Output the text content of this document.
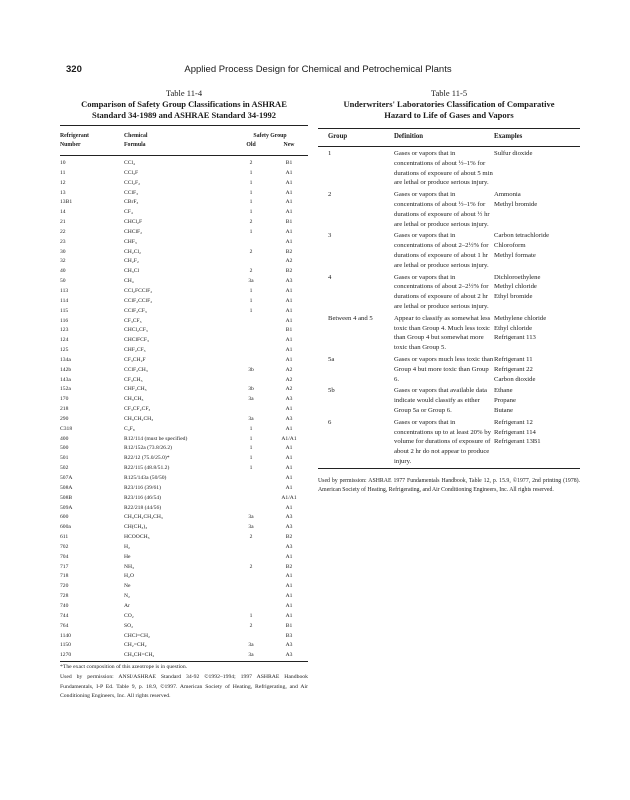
320	Applied Process Design for Chemical and Petrochemical Plants
Table 11-4
Comparison of Safety Group Classifications in ASHRAE
Standard 34-1989 and ASHRAE Standard 34-1992
Refrigerant	Chemical	Safety Group	
Number	Formula	Old	New
10	CCl₄	2	B1
11	CCl₃F	1	A1
12	CCl₂F₂	1	A1
13	CClF₃	1	A1
13B1	CBrF₃	1	A1
14	CF₄	1	A1
21	CHCl₂F	2	B1
22	CHClF₂	1	A1
23	CHF₃		A1
30	CH₂Cl₂	2	B2
32	CH₂F₂		A2
40	CH₃Cl	2	B2
50	CH₄	3a	A3
113	CCl₂FCClF₂	1	A1
114	CClF₂CClF₂	1	A1
115	CClF₂CF₃	1	A1
116	CF₃CF₃		A1
123	CHCl₂CF₃		B1
124	CHClFCF₃		A1
125	CHF₂CF₃		A1
134a	CF₃CH₂F		A1
142b	CClF₂CH₃	3b	A2
143a	CF₃CH₃		A2
152a	CHF₂CH₃	3b	A2
170	CH₃CH₃	3a	A3
218	CF₃CF₂CF₃		A1
290	CH₃CH₂CH₃	3a	A3
C318	C₄F₈	1	A1
400	R12/114 (must be specified)	1	A1/A1
500	R12/152a (73.8/26.2)	1	A1
501	R22/12 (75.0/25.0)*	1	A1
502	R22/115 (48.8/51.2)	1	A1
507A	R125/143a (50/50)		A1
508A	R23/116 (39/61)		A1
508B	R23/116 (46/54)		A1/A1
509A	R22/218 (44/56)		A1
600	CH₃CH₂CH₂CH₃	3a	A3
600a	CH(CH₃)₃	3a	A3
611	HCOOCH₃	2	B2
702	H₂		A3
704	He		A1
717	NH₃	2	B2
718	H₂O		A1
720	Ne		A1
728	N₂		A1
740	Ar		A1
744	CO₂	1	A1
764	SO₂	2	B1
1140	CHCl=CH₂		B3
1150	CH₂=CH₂	3a	A3
1270	CH₃CH=CH₂	3a	A3
*The exact composition of this azeotrope is in question.
Used by permission: ANSI/ASHRAE Standard 34-92 ©1992–1994; 1997 ASHRAE Handbook Fundamentals, I-P Ed. Table 9, p. 18.9, ©1997. American Society of Heating, Refrigerating, and Air Conditioning Engineers, Inc. All rights reserved.
Table 11-5
Underwriters' Laboratories Classification of Comparative
Hazard to Life of Gases and Vapors
Group	Definition	Examples
1	Gases or vapors that in concentrations of about ½–1% for durations of exposure of about 5 min are lethal or produce serious injury.	Sulfur dioxide
2	Gases or vapors that in concentrations of about ½–1% for durations of exposure of about ½ hr are lethal or produce serious injury.	Ammonia
Methyl bromide
3	Gases or vapors that in concentrations of about 2–2½% for durations of exposure of about 1 hr are lethal or produce serious injury.	Carbon tetrachloride
Chloroform
Methyl formate
4	Gases or vapors that in concentrations of about 2–2½% for durations of exposure of about 2 hr are lethal or produce serious injury.	Dichloroethylene
Methyl chloride
Ethyl bromide
Between 4 and 5	Appear to classify as somewhat less toxic than Group 4. Much less toxic than Group 4 but somewhat more toxic than Group 5.	Methylene chloride
Ethyl chloride
Refrigerant 113
5a	Gases or vapors much less toxic than Group 4 but more toxic than Group 6.	Refrigerant 11
Refrigerant 22
Carbon dioxide
5b	Gases or vapors that available data indicate would classify as either Group 5a or Group 6.	Ethane
Propane
Butane
6	Gases or vapors that in concentrations up to at least 20% by volume for durations of exposure of about 2 hr do not appear to produce injury.	Refrigerant 12
Refrigerant 114
Refrigerant 13B1
Used by permission: ASHRAE 1977 Fundamentals Handbook, Table 12, p. 15.9, ©1977, 2nd printing (1978). American Society of Heating, Refrigerating, and Air Conditioning Engineers, Inc. All rights reserved.
